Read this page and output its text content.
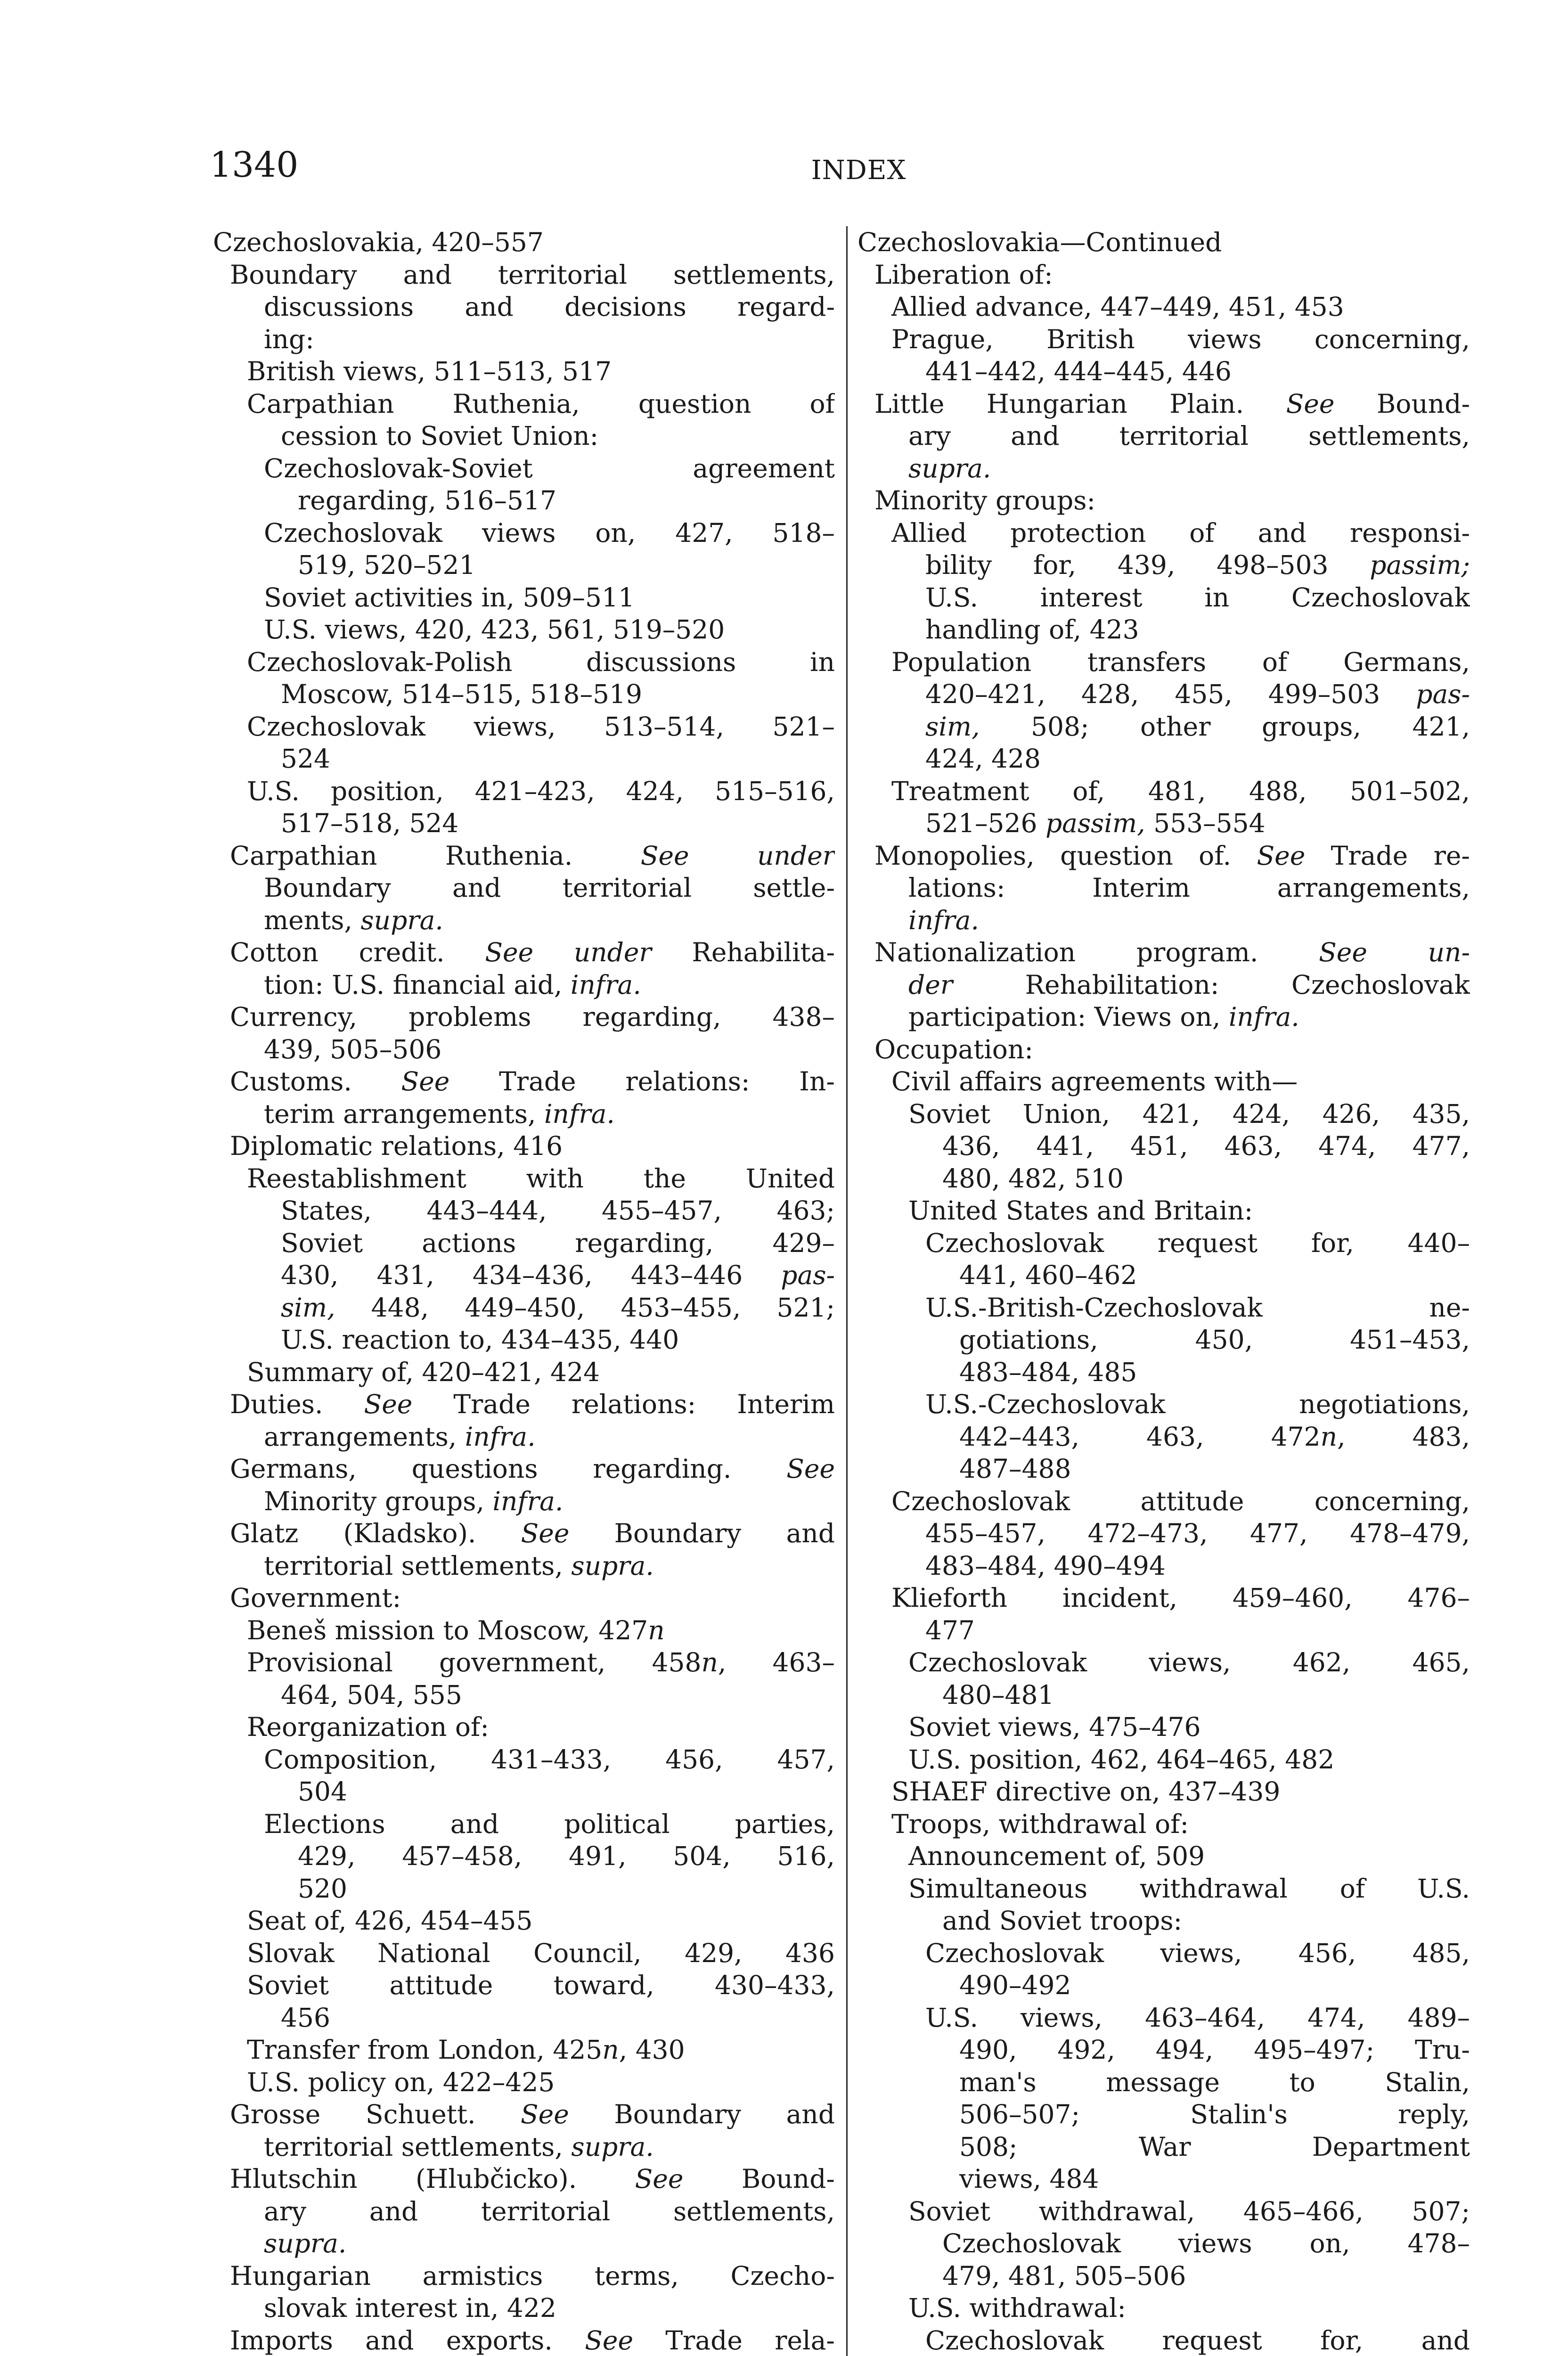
1340	INDEX
Czechoslovakia, 420–557
Boundary and territorial settlements,
discussions and decisions regard-
ing:
British views, 511–513, 517
Carpathian Ruthenia, question of
cession to Soviet Union:
Czechoslovak-Soviet	agreement
regarding, 516–517
Czechoslovak views on, 427, 518–
519, 520–521
Soviet activities in, 509–511
U.S. views, 420, 423, 561, 519–520
Czechoslovak-Polish	discussions	in
Moscow, 514–515, 518–519
Czechoslovak views, 513–514, 521–
524
U.S. position, 421–423, 424, 515–516,
517–518, 524
Carpathian	Ruthenia.	See	under
Boundary and territorial settle-
ments, supra.
Cotton credit. See under Rehabilita-
tion: U.S. financial aid, infra.
Currency, problems regarding, 438–
439, 505–506
Customs. See Trade relations: In-
terim arrangements, infra.
Diplomatic relations, 416
Reestablishment with the United
States, 443–444, 455–457, 463;
Soviet actions regarding, 429–
430, 431, 434–436, 443–446 pas-
sim, 448, 449–450, 453–455, 521;
U.S. reaction to, 434–435, 440
Summary of, 420–421, 424
Duties. See Trade relations: Interim
arrangements, infra.
Germans, questions regarding. See
Minority groups, infra.
Glatz (Kladsko). See Boundary and
territorial settlements, supra.
Government:
Beneš mission to Moscow, 427n
Provisional government, 458n, 463–
464, 504, 555
Reorganization of:
Composition, 431–433, 456, 457,
504
Elections	and	political	parties,
429, 457–458, 491, 504, 516,
520
Seat of, 426, 454–455
Slovak National Council, 429, 436
Soviet attitude toward, 430–433,
456
Transfer from London, 425n, 430
U.S. policy on, 422–425
Grosse Schuett. See Boundary and
territorial settlements, supra.
Hlutschin (Hlubčicko). See Bound-
ary and territorial settlements,
supra.
Hungarian armistics terms, Czecho-
slovak interest in, 422
Imports and exports. See Trade rela-
Czechoslovakia—Continued
Liberation of:
Allied advance, 447–449, 451, 453
Prague, British views concerning,
441–442, 444–445, 446
Little Hungarian Plain. See Bound-
ary and territorial settlements,
supra.
Minority groups:
Allied protection of and responsi-
bility for, 439, 498–503 passim;
U.S. interest in Czechoslovak
handling of, 423
Population transfers of Germans,
420–421, 428, 455, 499–503 pas-
sim, 508; other groups, 421,
424, 428
Treatment of, 481, 488, 501–502,
521–526 passim, 553–554
Monopolies, question of. See Trade re-
lations:	Interim	arrangements,
infra.
Nationalization program. See un-
der	Rehabilitation:	Czechoslovak
participation: Views on, infra.
Occupation:
Civil affairs agreements with—
Soviet Union, 421, 424, 426, 435,
436, 441, 451, 463, 474, 477,
480, 482, 510
United States and Britain:
Czechoslovak request for, 440–
441, 460–462
U.S.-British-Czechoslovak	ne-
gotiations,	450,	451–453,
483–484, 485
U.S.-Czechoslovak	negotiations,
442–443,	463,	472n,	483,
487–488
Czechoslovak	attitude	concerning,
455–457, 472–473, 477, 478–479,
483–484, 490–494
Klieforth incident, 459–460, 476–
477
Czechoslovak views, 462, 465,
480–481
Soviet views, 475–476
U.S. position, 462, 464–465, 482
SHAEF directive on, 437–439
Troops, withdrawal of:
Announcement of, 509
Simultaneous withdrawal of U.S.
and Soviet troops:
Czechoslovak views, 456, 485,
490–492
U.S. views, 463–464, 474, 489–
490, 492, 494, 495–497; Tru-
man's	message	to	Stalin,
506–507;	Stalin's	reply,
508;	War	Department
views, 484
Soviet withdrawal, 465–466, 507;
Czechoslovak views on, 478–
479, 481, 505–506
U.S. withdrawal:
Czechoslovak request for, and
